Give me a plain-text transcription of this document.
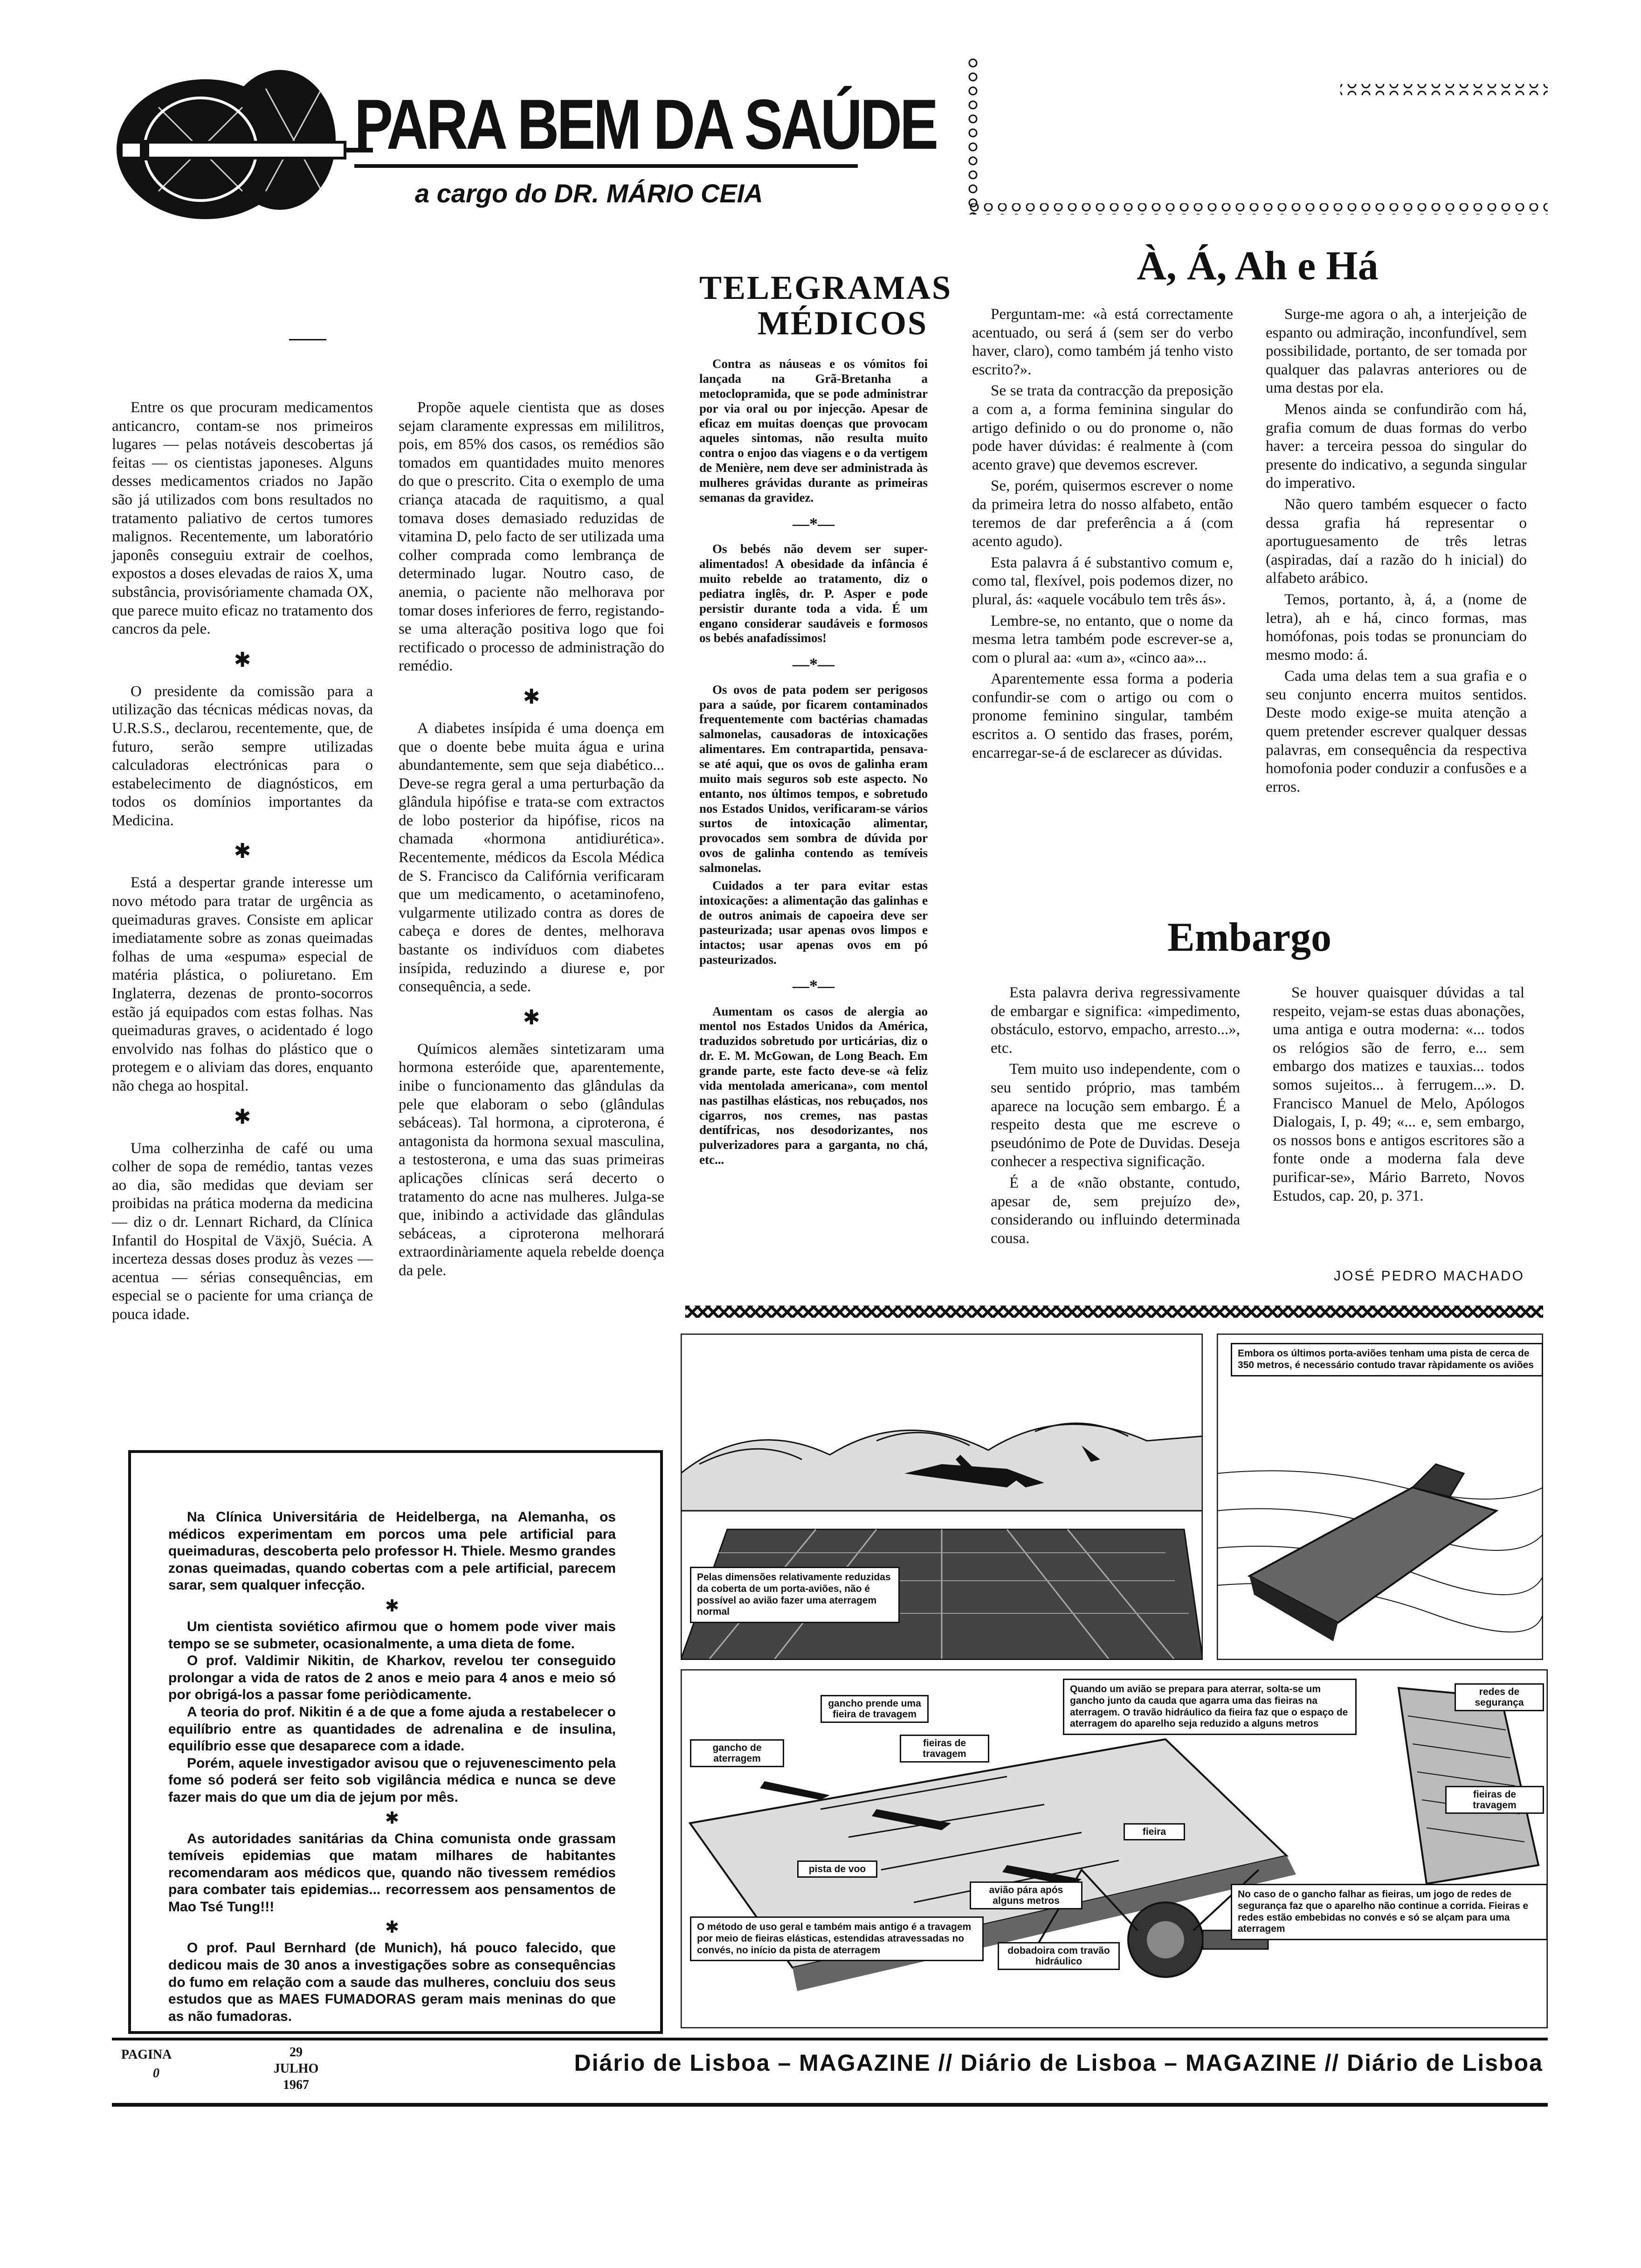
PARA BEM DA SAÚDE
a cargo do DR. MÁRIO CEIA

Entre os que procuram medicamentos anticancro, contam-se nos primeiros lugares — pelas notáveis descobertas já feitas — os cientistas japoneses. Alguns desses medicamentos criados no Japão são já utilizados com bons resultados no tratamento paliativo de certos tumores malignos. Recentemente, um laboratório japonês conseguiu extrair de coelhos, expostos a doses elevadas de raios X, uma substância, provisóriamente chamada OX, que parece muito eficaz no tratamento dos cancros da pele.

✱

O presidente da comissão para a utilização das técnicas médicas novas, da U.R.S.S., declarou, recentemente, que, de futuro, serão sempre utilizadas calculadoras electrónicas para o estabelecimento de diagnósticos, em todos os domínios importantes da Medicina.

✱

Está a despertar grande interesse um novo método para tratar de urgência as queimaduras graves. Consiste em aplicar imediatamente sobre as zonas queimadas folhas de uma «espuma» especial de matéria plástica, o poliuretano. Em Inglaterra, dezenas de pronto-socorros estão já equipados com estas folhas. Nas queimaduras graves, o acidentado é logo envolvido nas folhas do plástico que o protegem e o aliviam das dores, enquanto não chega ao hospital.

✱

Uma colherzinha de café ou uma colher de sopa de remédio, tantas vezes ao dia, são medidas que deviam ser proibidas na prática moderna da medicina — diz o dr. Lennart Richard, da Clínica Infantil do Hospital de Växjö, Suécia. A incerteza dessas doses produz às vezes — acentua — sérias consequências, em especial se o paciente for uma criança de pouca idade.

Propõe aquele cientista que as doses sejam claramente expressas em mililitros, pois, em 85% dos casos, os remédios são tomados em quantidades muito menores do que o prescrito. Cita o exemplo de uma criança atacada de raquitismo, a qual tomava doses demasiado reduzidas de vitamina D, pelo facto de ser utilizada uma colher comprada como lembrança de determinado lugar. Noutro caso, de anemia, o paciente não melhorava por tomar doses inferiores de ferro, registando-se uma alteração positiva logo que foi rectificado o processo de administração do remédio.

✱

A diabetes insípida é uma doença em que o doente bebe muita água e urina abundantemente, sem que seja diabético... Deve-se regra geral a uma perturbação da glândula hipófise e trata-se com extractos de lobo posterior da hipófise, ricos na chamada «hormona antidiurética». Recentemente, médicos da Escola Médica de S. Francisco da Califórnia verificaram que um medicamento, o acetaminofeno, vulgarmente utilizado contra as dores de cabeça e dores de dentes, melhorava bastante os indivíduos com diabetes insípida, reduzindo a diurese e, por consequência, a sede.

✱

Químicos alemães sintetizaram uma hormona esteróide que, aparentemente, inibe o funcionamento das glândulas da pele que elaboram o sebo (glândulas sebáceas). Tal hormona, a ciproterona, é antagonista da hormona sexual masculina, a testosterona, e uma das suas primeiras aplicações clínicas será decerto o tratamento do acne nas mulheres. Julga-se que, inibindo a actividade das glândulas sebáceas, a ciproterona melhorará extraordinàriamente aquela rebelde doença da pele.

TELEGRAMAS
MÉDICOS

Contra as náuseas e os vómitos foi lançada na Grã-Bretanha a metoclopramida, que se pode administrar por via oral ou por injecção. Apesar de eficaz em muitas doenças que provocam aqueles sintomas, não resulta muito contra o enjoo das viagens e o da vertigem de Menière, nem deve ser administrada às mulheres grávidas durante as primeiras semanas da gravidez.

—*—

Os bebés não devem ser super-alimentados! A obesidade da infância é muito rebelde ao tratamento, diz o pediatra inglês, dr. P. Asper e pode persistir durante toda a vida. É um engano considerar saudáveis e formosos os bebés anafadíssimos!

—*—

Os ovos de pata podem ser perigosos para a saúde, por ficarem contaminados frequentemente com bactérias chamadas salmonelas, causadoras de intoxicações alimentares. Em contrapartida, pensava-se até aqui, que os ovos de galinha eram muito mais seguros sob este aspecto. No entanto, nos últimos tempos, e sobretudo nos Estados Unidos, verificaram-se vários surtos de intoxicação alimentar, provocados sem sombra de dúvida por ovos de galinha contendo as temíveis salmonelas.

Cuidados a ter para evitar estas intoxicações: a alimentação das galinhas e de outros animais de capoeira deve ser pasteurizada; usar apenas ovos limpos e intactos; usar apenas ovos em pó pasteurizados.

—*—

Aumentam os casos de alergia ao mentol nos Estados Unidos da América, traduzidos sobretudo por urticárias, diz o dr. E. M. McGowan, de Long Beach. Em grande parte, este facto deve-se «à feliz vida mentolada americana», com mentol nas pastilhas elásticas, nos rebuçados, nos cigarros, nos cremes, nas pastas dentífricas, nos desodorizantes, nos pulverizadores para a garganta, no chá, etc...

À, Á, Ah e Há

Perguntam-me: «à está correctamente acentuado, ou será á (sem ser do verbo haver, claro), como também já tenho visto escrito?».

Se se trata da contracção da preposição a com a, a forma feminina singular do artigo definido o ou do pronome o, não pode haver dúvidas: é realmente à (com acento grave) que devemos escrever.

Se, porém, quisermos escrever o nome da primeira letra do nosso alfabeto, então teremos de dar preferência a á (com acento agudo).

Esta palavra á é substantivo comum e, como tal, flexível, pois podemos dizer, no plural, ás: «aquele vocábulo tem três ás».

Lembre-se, no entanto, que o nome da mesma letra também pode escrever-se a, com o plural aa: «um a», «cinco aa»...

Aparentemente essa forma a poderia confundir-se com o artigo ou com o pronome feminino singular, também escritos a. O sentido das frases, porém, encarregar-se-á de esclarecer as dúvidas.

Surge-me agora o ah, a interjeição de espanto ou admiração, inconfundível, sem possibilidade, portanto, de ser tomada por qualquer das palavras anteriores ou de uma destas por ela.

Menos ainda se confundirão com há, grafia comum de duas formas do verbo haver: a terceira pessoa do singular do presente do indicativo, a segunda singular do imperativo.

Não quero também esquecer o facto dessa grafia há representar o aportuguesamento de três letras (aspiradas, daí a razão do h inicial) do alfabeto arábico.

Temos, portanto, à, á, a (nome de letra), ah e há, cinco formas, mas homófonas, pois todas se pronunciam do mesmo modo: á.

Cada uma delas tem a sua grafia e o seu conjunto encerra muitos sentidos. Deste modo exige-se muita atenção a quem pretender escrever qualquer dessas palavras, em consequência da respectiva homofonia poder conduzir a confusões e a erros.

Embargo

Esta palavra deriva regressivamente de embargar e significa: «impedimento, obstáculo, estorvo, empacho, arresto...», etc.

Tem muito uso independente, com o seu sentido próprio, mas também aparece na locução sem embargo. É a respeito desta que me escreve o pseudónimo de Pote de Duvidas. Deseja conhecer a respectiva significação.

É a de «não obstante, contudo, apesar de, sem prejuízo de», considerando ou influindo determinada cousa.

Se houver quaisquer dúvidas a tal respeito, vejam-se estas duas abonações, uma antiga e outra moderna: «... todos os relógios são de ferro, e... sem embargo dos matizes e tauxias... todos somos sujeitos... à ferrugem...». D. Francisco Manuel de Melo, Apólogos Dialogais, I, p. 49; «... e, sem embargo, os nossos bons e antigos escritores são a fonte onde a moderna fala deve purificar-se», Mário Barreto, Novos Estudos, cap. 20, p. 371.

JOSÉ PEDRO MACHADO

Na Clínica Universitária de Heidelberga, na Alemanha, os médicos experimentam em porcos uma pele artificial para queimaduras, descoberta pelo professor H. Thiele. Mesmo grandes zonas queimadas, quando cobertas com a pele artificial, parecem sarar, sem qualquer infecção.

✱

Um cientista soviético afirmou que o homem pode viver mais tempo se se submeter, ocasionalmente, a uma dieta de fome.

O prof. Valdimir Nikitin, de Kharkov, revelou ter conseguido prolongar a vida de ratos de 2 anos e meio para 4 anos e meio só por obrigá-los a passar fome periòdicamente.

A teoria do prof. Nikitin é a de que a fome ajuda a restabelecer o equilíbrio entre as quantidades de adrenalina e de insulina, equilíbrio esse que desaparece com a idade.

Porém, aquele investigador avisou que o rejuvenescimento pela fome só poderá ser feito sob vigilância médica e nunca se deve fazer mais do que um dia de jejum por mês.

✱

As autoridades sanitárias da China comunista onde grassam temíveis epidemias que matam milhares de habitantes recomendaram aos médicos que, quando não tivessem remédios para combater tais epidemias... recorressem aos pensamentos de Mao Tsé Tung!!!

✱

O prof. Paul Bernhard (de Munich), há pouco falecido, que dedicou mais de 30 anos a investigações sobre as consequências do fumo em relação com a saude das mulheres, concluiu dos seus estudos que as MAES FUMADORAS geram mais meninas do que as não fumadoras.

Pelas dimensões relativamente reduzidas da coberta de um porta-aviões, não é possível ao avião fazer uma aterragem normal
Embora os últimos porta-aviões tenham uma pista de cerca de 350 metros, é necessário contudo travar ràpidamente os aviões
gancho prende uma fieira de travagem
gancho de aterragem
fieiras de travagem
Quando um avião se prepara para aterrar, solta-se um gancho junto da cauda que agarra uma das fieiras na aterragem. O travão hidráulico da fieira faz que o espaço de aterragem do aparelho seja reduzido a alguns metros
redes de segurança
fieiras de travagem
pista de voo
fieira
avião pára após alguns metros
O método de uso geral e também mais antigo é a travagem por meio de fieiras elásticas, estendidas atravessadas no convés, no início da pista de aterragem	dobadoira com travão hidráulico
No caso de o gancho falhar as fieiras, um jogo de redes de segurança faz que o aparelho não continue a corrida. Fieiras e redes estão embebidas no convés e só se alçam para uma aterragem
PAGINA
0
29
JULHO
1967
Diário de Lisboa – MAGAZINE // Diário de Lisboa – MAGAZINE // Diário de Lisboa
